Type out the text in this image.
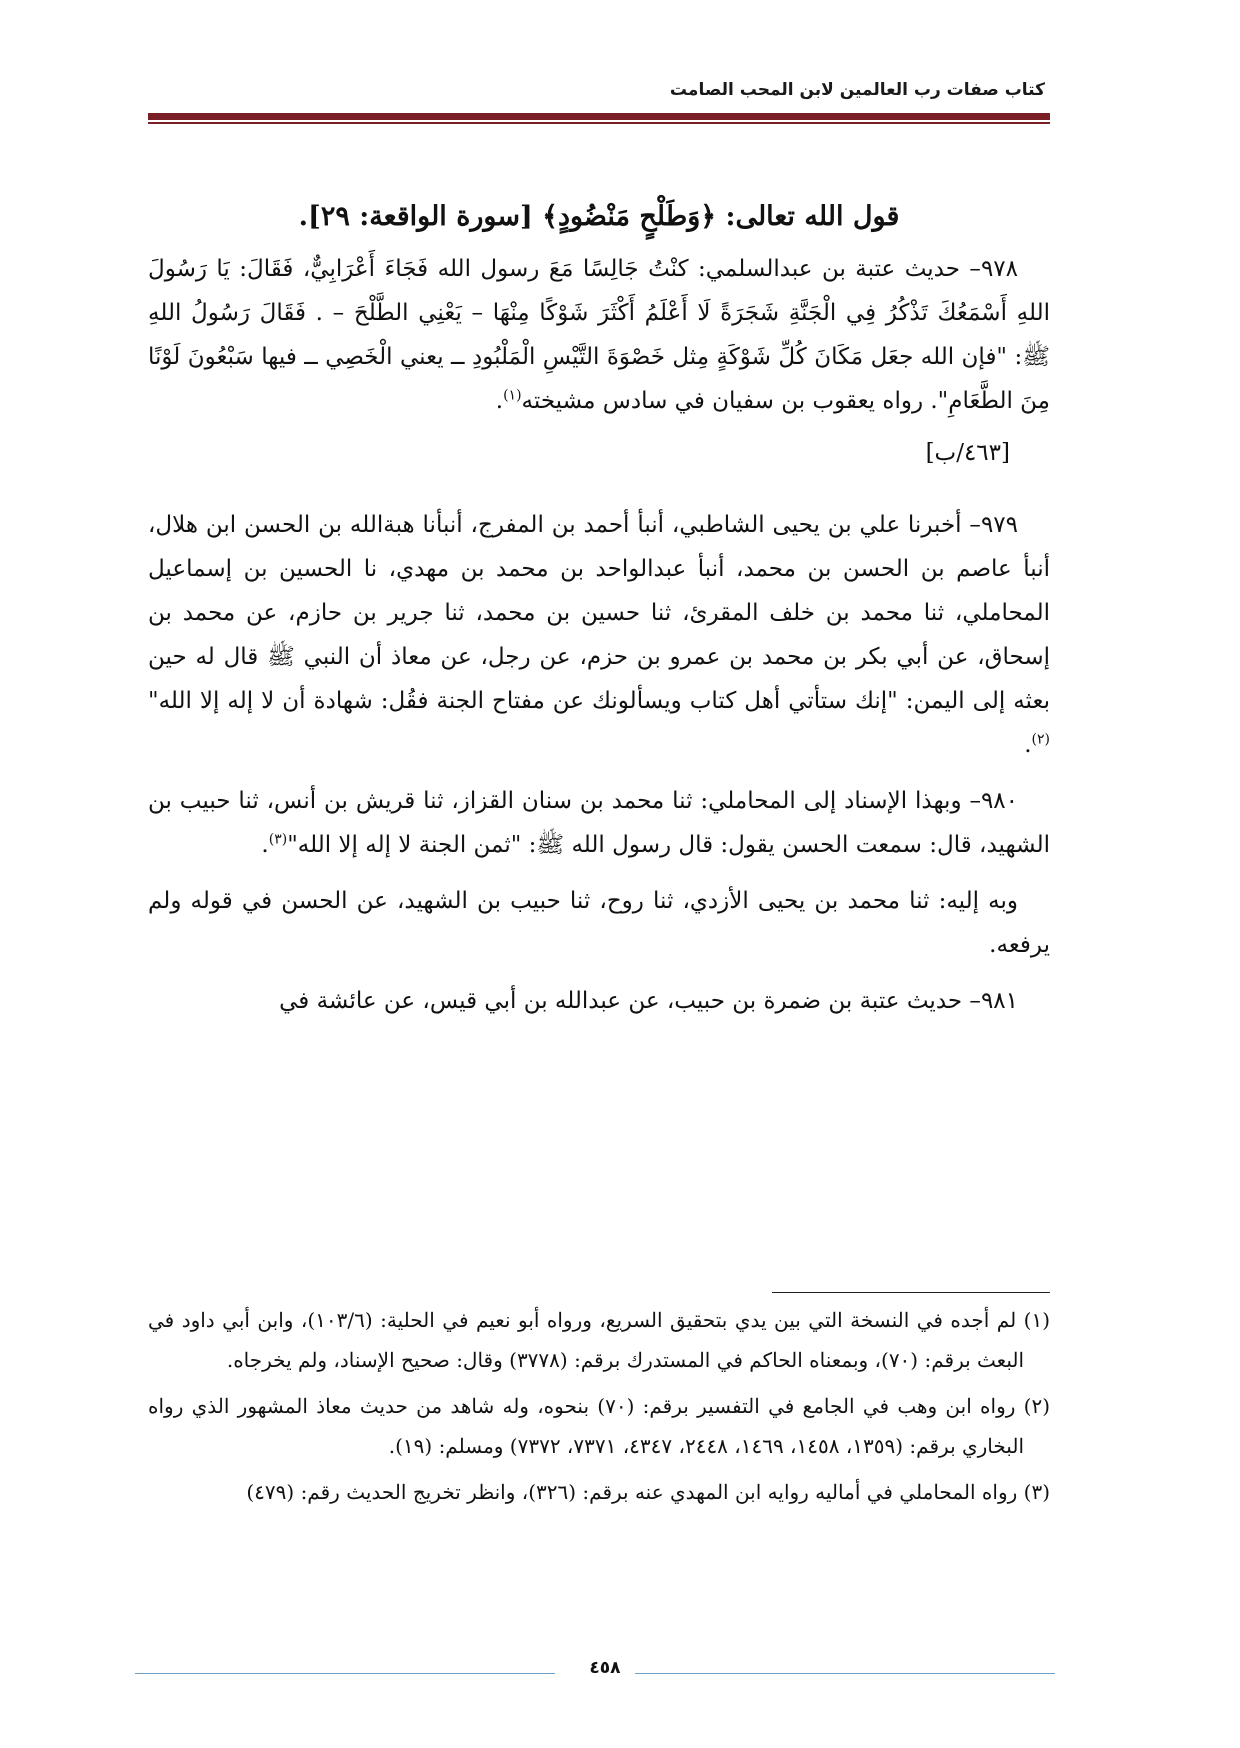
كتاب صفات رب العالمين لابن المحب الصامت
قول الله تعالى: ﴿وَطَلْحٍ مَنْضُودٍ﴾ [سورة الواقعة: ٢٩].

٩٧٨– حديث عتبة بن عبدالسلمي: كنْتُ جَالِسًا مَعَ رسول الله فَجَاءَ أَعْرَابِيٌّ، فَقَالَ: يَا رَسُولَ اللهِ أَسْمَعُكَ تَذْكُرُ فِي الْجَنَّةِ شَجَرَةً لَا أَعْلَمُ أَكْثَرَ شَوْكًا مِنْهَا – يَعْنِي الطَّلْحَ – . فَقَالَ رَسُولُ اللهِ ﷺ: "فإن الله جعَل مَكَانَ كُلِّ شَوْكَةٍ مِثل خَصْوَةَ التَّيْسِ الْمَلْبُودِ ــ يعني الْخَصِي ــ فيها سَبْعُونَ لَوْنًا مِنَ الطَّعَامِ". رواه يعقوب بن سفيان في سادس مشيخته$^{(١)}$.

[٤٦٣/ب]

٩٧٩– أخبرنا علي بن يحيى الشاطبي، أنبأ أحمد بن المفرج، أنبأنا هبةالله بن الحسن ابن هلال، أنبأ عاصم بن الحسن بن محمد، أنبأ عبدالواحد بن محمد بن مهدي، نا الحسين بن إسماعيل المحاملي، ثنا محمد بن خلف المقرئ، ثنا حسين بن محمد، ثنا جرير بن حازم، عن محمد بن إسحاق، عن أبي بكر بن محمد بن عمرو بن حزم، عن رجل، عن معاذ أن النبي ﷺ قال له حين بعثه إلى اليمن: "إنك ستأتي أهل كتاب ويسألونك عن مفتاح الجنة فقُل: شهادة أن لا إله إلا الله"$^{(٢)}$.

٩٨٠– وبهذا الإسناد إلى المحاملي: ثنا محمد بن سنان القزاز، ثنا قريش بن أنس، ثنا حبيب بن الشهيد، قال: سمعت الحسن يقول: قال رسول الله ﷺ: "ثمن الجنة لا إله إلا الله"$^{(٣)}$.

وبه إليه: ثنا محمد بن يحيى الأزدي، ثنا روح، ثنا حبيب بن الشهيد، عن الحسن في قوله ولم يرفعه.

٩٨١– حديث عتبة بن ضمرة بن حبيب، عن عبدالله بن أبي قيس، عن عائشة في

(١) لم أجده في النسخة التي بين يدي بتحقيق السريع، ورواه أبو نعيم في الحلية: (١٠٣/٦)، وابن أبي داود في البعث برقم: (٧٠)، وبمعناه الحاكم في المستدرك برقم: (٣٧٧٨) وقال: صحيح الإسناد، ولم يخرجاه.

(٢) رواه ابن وهب في الجامع في التفسير برقم: (٧٠) بنحوه، وله شاهد من حديث معاذ المشهور الذي رواه البخاري برقم: (١٣٥٩، ١٤٥٨، ١٤٦٩، ٢٤٤٨، ٤٣٤٧، ٧٣٧١، ٧٣٧٢) ومسلم: (١٩).

(٣) رواه المحاملي في أماليه روايه ابن المهدي عنه برقم: (٣٢٦)، وانظر تخريج الحديث رقم: (٤٧٩)

٤٥٨
